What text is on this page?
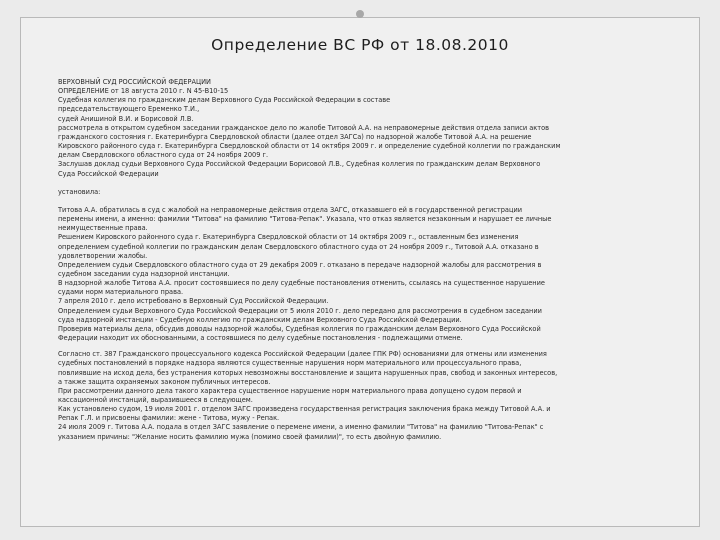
Определение ВС РФ от 18.08.2010

ВЕРХОВНЫЙ СУД РОССИЙСКОЙ ФЕДЕРАЦИИ

ОПРЕДЕЛЕНИЕ от 18 августа 2010 г. N 45-В10-15

Судебная коллегия по гражданским делам Верховного Суда Российской Федерации в составе

председательствующего Еременко Т.И.,

судей Анишиной В.И. и Борисовой Л.В.

рассмотрела в открытом судебном заседании гражданское дело по жалобе Титовой А.А. на неправомерные действия отдела записи актов

гражданского состояния г. Екатеринбурга Свердловской области (далее отдел ЗАГСа) по надзорной жалобе Титовой А.А. на решение

Кировского районного суда г. Екатеринбурга Свердловской области от 14 октября 2009 г. и определение судебной коллегии по гражданским

делам Свердловского областного суда от 24 ноября 2009 г.

Заслушав доклад судьи Верховного Суда Российской Федерации Борисовой Л.В., Судебная коллегия по гражданским делам Верховного

Суда Российской Федерации

установила:

Титова А.А. обратилась в суд с жалобой на неправомерные действия отдела ЗАГС, отказавшего ей в государственной регистрации

перемены имени, а именно: фамилии "Титова" на фамилию "Титова-Репак". Указала, что отказ является незаконным и нарушает ее личные

неимущественные права.

Решением Кировского районного суда г. Екатеринбурга Свердловской области от 14 октября 2009 г., оставленным без изменения

определением судебной коллегии по гражданским делам Свердловского областного суда от 24 ноября 2009 г., Титовой А.А. отказано в

удовлетворении жалобы.

Определением судьи Свердловского областного суда от 29 декабря 2009 г. отказано в передаче надзорной жалобы для рассмотрения в

судебном заседании суда надзорной инстанции.

В надзорной жалобе Титова А.А. просит состоявшиеся по делу судебные постановления отменить, ссылаясь на существенное нарушение

судами норм материального права.

7 апреля 2010 г. дело истребовано в Верховный Суд Российской Федерации.

Определением судьи Верховного Суда Российской Федерации от 5 июля 2010 г. дело передано для рассмотрения в судебном заседании

суда надзорной инстанции - Судебную коллегию по гражданским делам Верховного Суда Российской Федерации.

Проверив материалы дела, обсудив доводы надзорной жалобы, Судебная коллегия по гражданским делам Верховного Суда Российской

Федерации находит их обоснованными, а состоявшиеся по делу судебные постановления - подлежащими отмене.

Согласно ст. 387 Гражданского процессуального кодекса Российской Федерации (далее ГПК РФ) основаниями для отмены или изменения

судебных постановлений в порядке надзора являются существенные нарушения норм материального или процессуального права,

повлиявшие на исход дела, без устранения которых невозможны восстановление и защита нарушенных прав, свобод и законных интересов,

а также защита охраняемых законом публичных интересов.

При рассмотрении данного дела такого характера существенное нарушение норм материального права допущено судом первой и

кассационной инстанций, выразившееся в следующем.

Как установлено судом, 19 июля 2001 г. отделом ЗАГС произведена государственная регистрация заключения брака между Титовой А.А. и

Репак Г.Л. и присвоены фамилии: жене - Титова, мужу - Репак.

24 июля 2009 г. Титова А.А. подала в отдел ЗАГС заявление о перемене имени, а именно фамилии "Титова" на фамилию "Титова-Репак" с

указанием причины: "Желание носить фамилию мужа (помимо своей фамилии)", то есть двойную фамилию.
